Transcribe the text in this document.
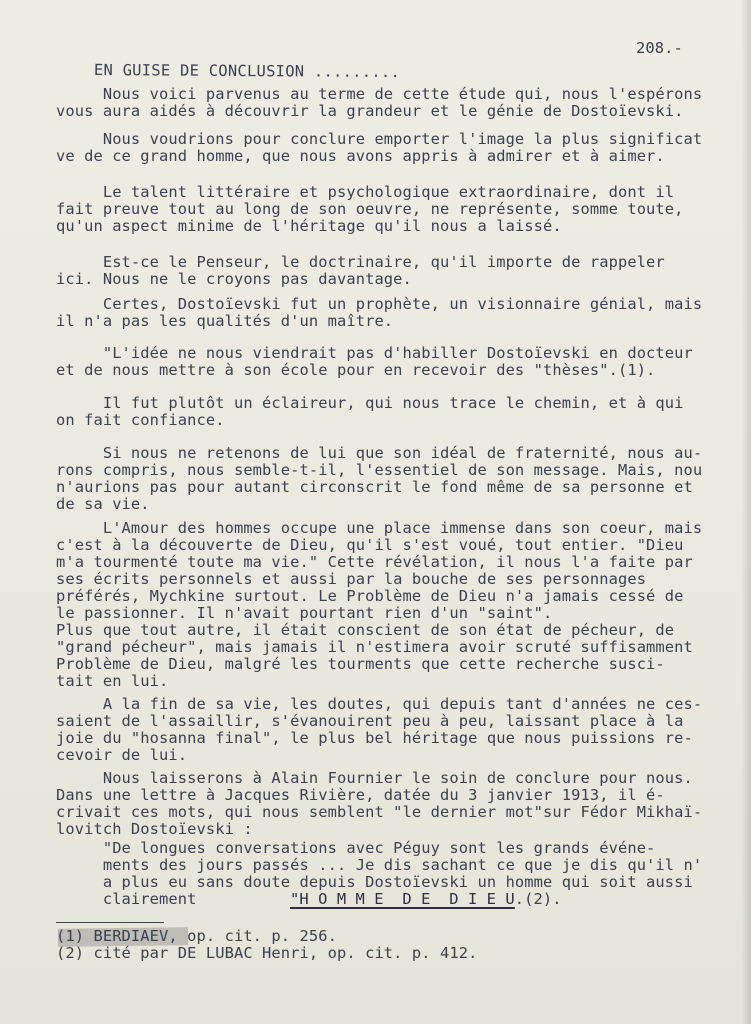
208.-
EN GUISE DE CONCLUSION .........
Nous voici parvenus au terme de cette étude qui, nous l'espérons
vous aura aidés à découvrir la grandeur et le génie de Dostoïevski.
Nous voudrions pour conclure emporter l'image la plus significat
ve de ce grand homme, que nous avons appris à admirer et à aimer.
Le talent littéraire et psychologique extraordinaire, dont il
fait preuve tout au long de son oeuvre, ne représente, somme toute,
qu'un aspect minime de l'héritage qu'il nous a laissé.
Est-ce le Penseur, le doctrinaire, qu'il importe de rappeler
ici. Nous ne le croyons pas davantage.
Certes, Dostoïevski fut un prophète, un visionnaire génial, mais
il n'a pas les qualités d'un maître.
"L'idée ne nous viendrait pas d'habiller Dostoïevski en docteur
et de nous mettre à son école pour en recevoir des "thèses".(1).
Il fut plutôt un éclaireur, qui nous trace le chemin, et à qui
on fait confiance.
Si nous ne retenons de lui que son idéal de fraternité, nous au-
rons compris, nous semble-t-il, l'essentiel de son message. Mais, nou
n'aurions pas pour autant circonscrit le fond même de sa personne et
de sa vie.
L'Amour des hommes occupe une place immense dans son coeur, mais
c'est à la découverte de Dieu, qu'il s'est voué, tout entier. "Dieu
m'a tourmenté toute ma vie." Cette révélation, il nous l'a faite par
ses écrits personnels et aussi par la bouche de ses personnages
préférés, Mychkine surtout. Le Problème de Dieu n'a jamais cessé de
le passionner. Il n'avait pourtant rien d'un "saint".
Plus que tout autre, il était conscient de son état de pécheur, de
"grand pécheur", mais jamais il n'estimera avoir scruté suffisamment
Problème de Dieu, malgré les tourments que cette recherche susci-
tait en lui.
A la fin de sa vie, les doutes, qui depuis tant d'années ne ces-
saient de l'assaillir, s'évanouirent peu à peu, laissant place à la
joie du "hosanna final", le plus bel héritage que nous puissions re-
cevoir de lui.
Nous laisserons à Alain Fournier le soin de conclure pour nous.
Dans une lettre à Jacques Rivière, datée du 3 janvier 1913, il é-
crivait ces mots, qui nous semblent "le dernier mot"sur Fédor Mikhaï-
lovitch Dostoïevski :
"De longues conversations avec Péguy sont les grands événe-
ments des jours passés ... Je dis sachant ce que je dis qu'il n'
a plus eu sans doute depuis Dostoïevski un homme qui soit aussi
clairement	"H O M M E  D E  D I E U.(2).
(1) BERDIAEV, op. cit. p. 256.
(2) cité par DE LUBAC Henri, op. cit. p. 412.
